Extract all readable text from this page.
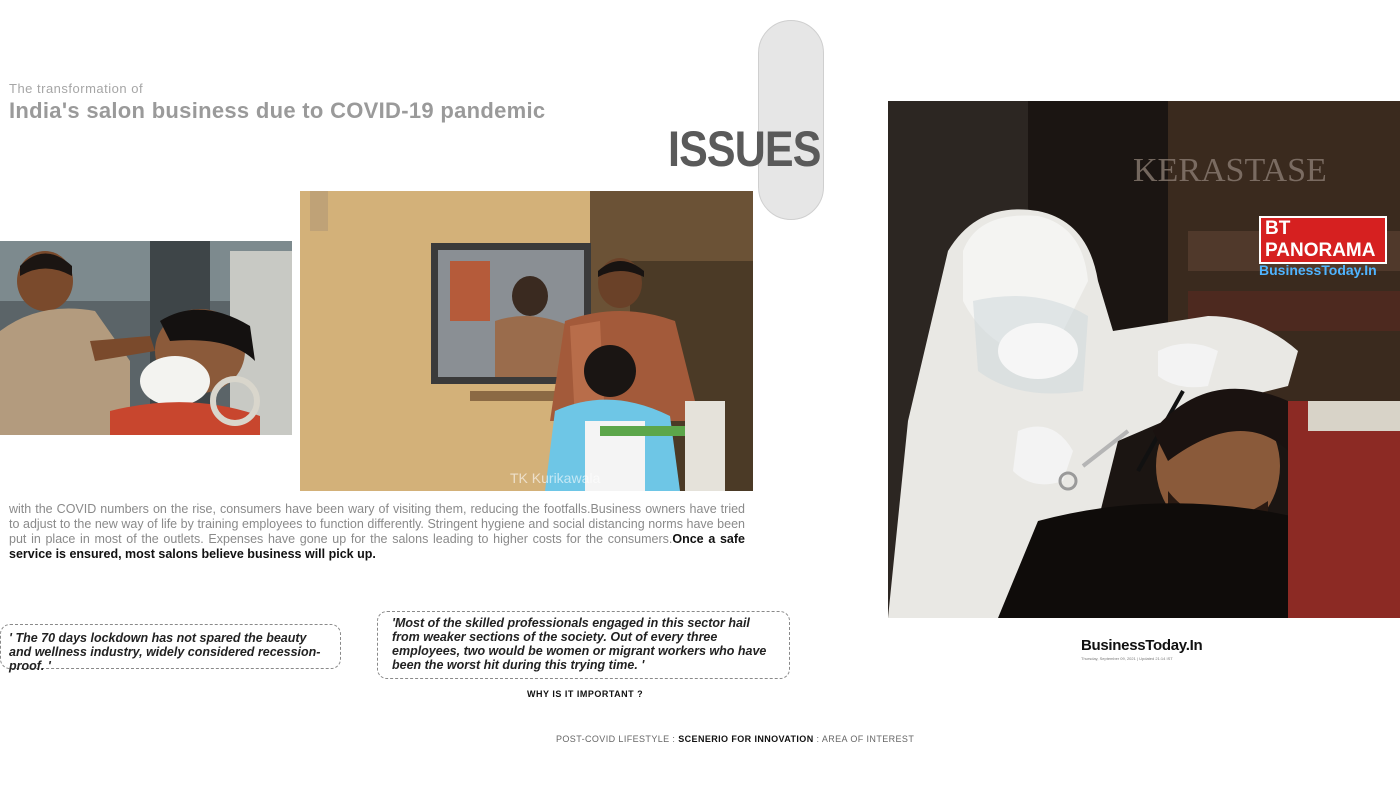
The transformation of
India's salon business due to COVID-19 pandemic
ISSUES
TK Kurikawala
with the COVID numbers on the rise, consumers have been wary of visiting them, reducing the footfalls.Business owners have tried to adjust to the new way of life by training employees to function differently. Stringent hygiene and social distancing norms have been put in place in most of the outlets. Expenses have gone up for the salons leading to higher costs for the consumers.Once a safe service is ensured, most salons believe business will pick up.
' The 70 days lockdown has not spared the beauty and wellness industry, widely considered recession-proof. '
'Most of the skilled professionals engaged in this sector hail from weaker sections of the society. Out of every three employees, two would be women or migrant workers who have been the worst hit during this trying time. '
WHY IS IT IMPORTANT ?
POST-COVID LIFESTYLE : SCENERIO FOR INNOVATION : AREA OF INTEREST
KERASTASE
BT PANORAMA
BusinessToday.In
BusinessToday.In
Thursday, September 09, 2021 | Updated 21:14 IST
